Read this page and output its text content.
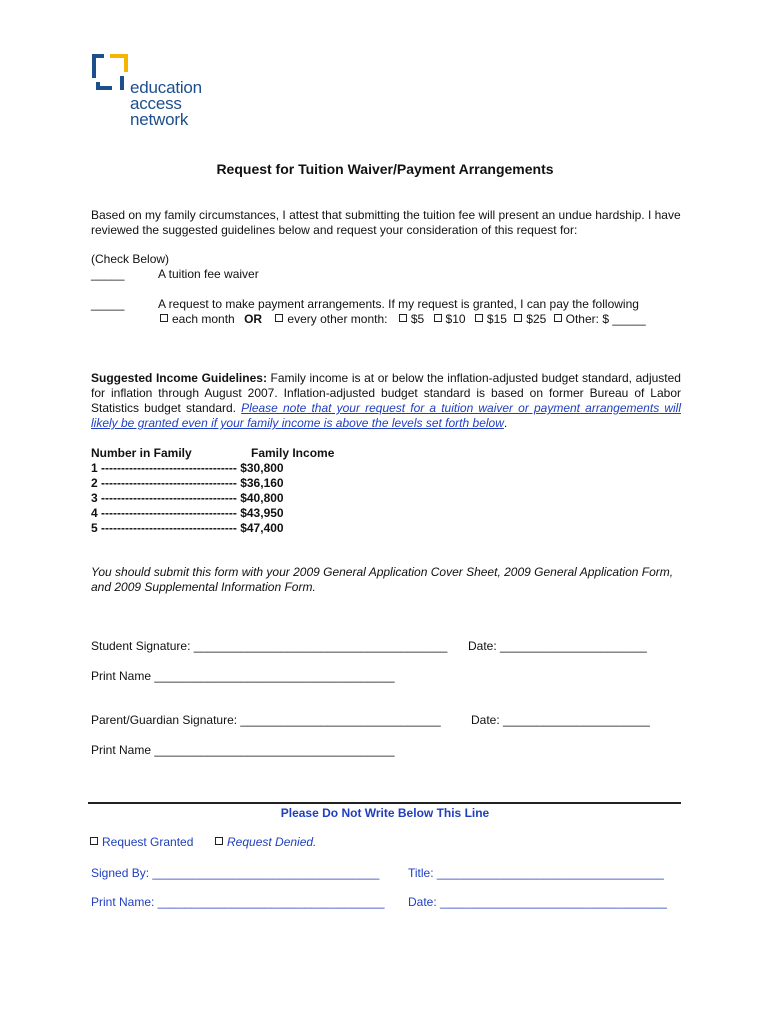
education
access
network
Request for Tuition Waiver/Payment Arrangements
Based on my family circumstances, I attest that submitting the tuition fee will present an undue hardship. I have reviewed the suggested guidelines below and request your consideration of this request for:
(Check Below)
_____	A tuition fee waiver
_____	A request to make payment arrangements. If my request is granted, I can pay the following
each month OR every other month: $5 $10 $15 $25 Other: $ _____
Suggested Income Guidelines: Family income is at or below the inflation-adjusted budget standard, adjusted for inflation through August 2007. Inflation-adjusted budget standard is based on former Bureau of Labor Statistics budget standard. Please note that your request for a tuition waiver or payment arrangements will likely be granted even if your family income is above the levels set forth below.
Number in Family	Family Income
1 ---------------------------------- $30,800
2 ---------------------------------- $36,160
3 ---------------------------------- $40,800
4 ---------------------------------- $43,950
5 ---------------------------------- $47,400
You should submit this form with your 2009 General Application Cover Sheet, 2009 General Application Form, and 2009 Supplemental Information Form.
Student Signature: ______________________________________ Date: ______________________
Print Name ____________________________________
Parent/Guardian Signature: ______________________________	Date: ______________________
Print Name ____________________________________
Please Do Not Write Below This Line
Request Granted	Request Denied.
Signed By: __________________________________ Title: __________________________________
Print Name: __________________________________ Date: __________________________________
